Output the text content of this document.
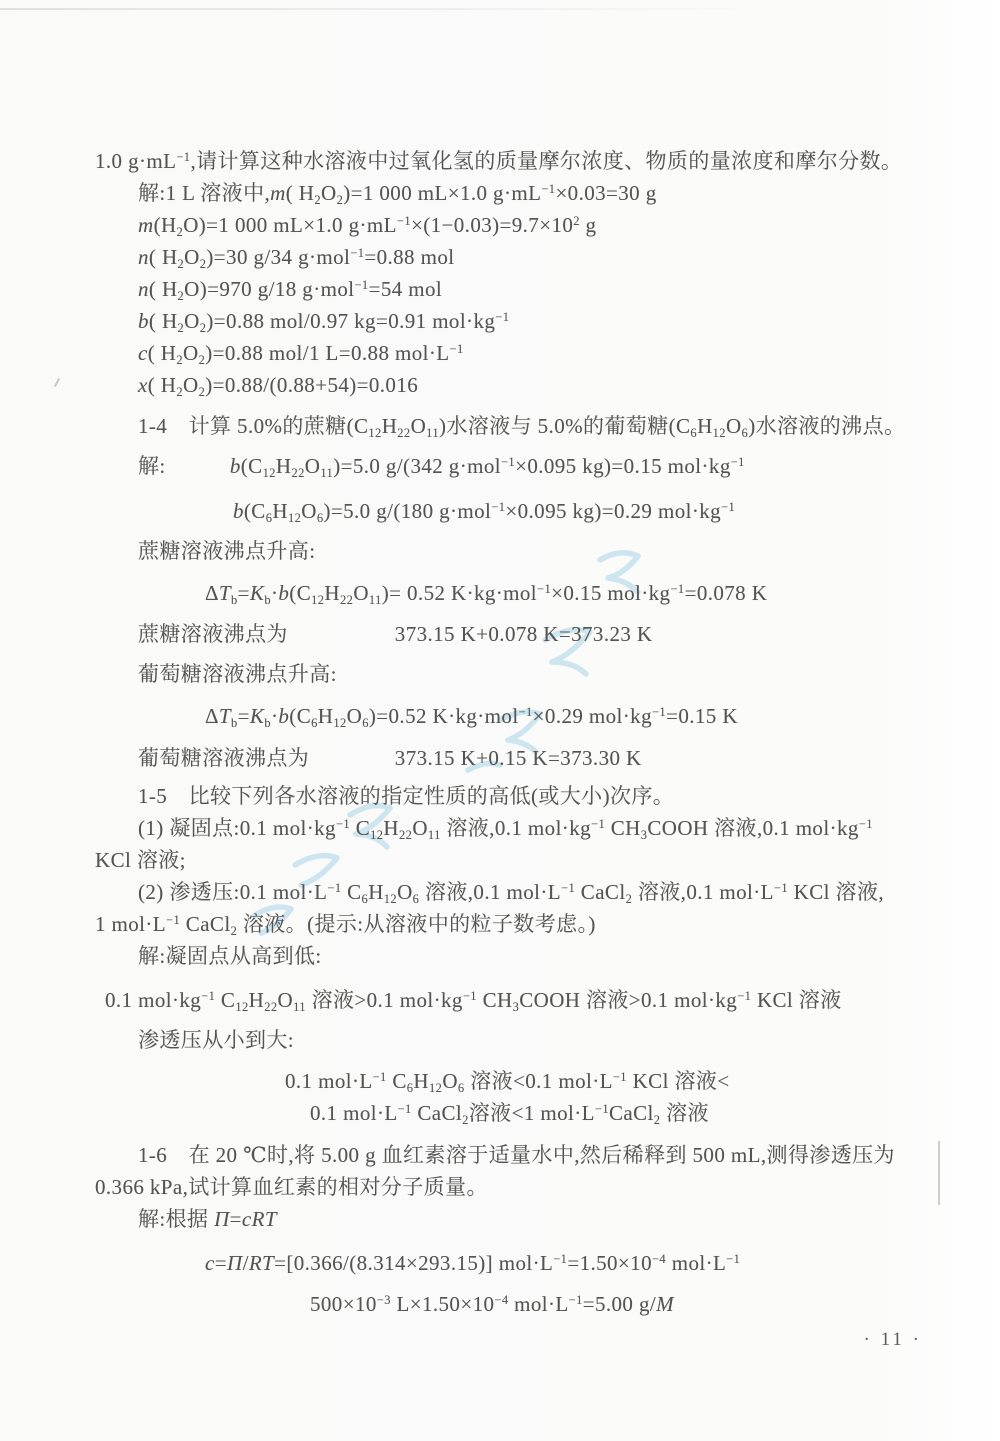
1.0 $g\cdot mL^{-1}$,请计算这种水溶液中过氧化氢的质量摩尔浓度、物质的量浓度和摩尔分数。

解:1 L 溶液中,m( $H_2O_2)=1$ 000 mL×1.0 $g\cdot mL^{-1}\times 0.03=30$ g

$m(H_2O)=1$ 000 mL×1.0 $g\cdot mL^{-1}\times(1-0.03)=9.7\times 10^2$ g

n( $H_2O_2)=30$ g/34 g·mol$^{-1}$=0.88 mol

n( $H_2O)=970$ g/18 g·mol$^{-1}$=54 mol

b( $H_2O_2)=0.88$ mol/0.97 kg=0.91 $mol\cdot kg^{-1}$

c( $H_2O_2)=0.88$ mol/1 L=0.88 $mol\cdot L^{-1}$

x( $H_2O_2)=0.88/(0.88+54)=0.016$

1-4　计算 5.0%的蔗糖$(C_{12}H_{22}O_{11})$水溶液与 5.0%的葡萄糖$(C_6H_{12}O_6)$水溶液的沸点。

解:　　　$b(C_{12}H_{22}O_{11})=5.0$ g/(342 g·mol$^{-1}$×0.095 kg)=0.15 $mol\cdot kg^{-1}$

$b(C_6H_{12}O_6)=5.0$ g/(180 g·mol$^{-1}$×0.095 kg)=0.29 $mol\cdot kg^{-1}$

蔗糖溶液沸点升高:

$\Delta T_b=K_b\cdot b(C_{12}H_{22}O_{11})= 0.52$ K·kg·mol$^{-1}$×0.15 $mol\cdot kg^{-1}=0.078$ K

蔗糖溶液沸点为　　　　　373.15 K+0.078 K=373.23 K

葡萄糖溶液沸点升高:

$\Delta T_b=K_b\cdot b(C_6H_{12}O_6)=0.52$ K·kg·mol$^{-1}$×0.29 $mol\cdot kg^{-1}=0.15$ K

葡萄糖溶液沸点为　　　　373.15 K+0.15 K=373.30 K

1-5　比较下列各水溶液的指定性质的高低(或大小)次序。

(1) 凝固点:0.1 $mol\cdot kg^{-1}$ $C_{12}H_{22}O_{11}$ 溶液,0.1 $mol\cdot kg^{-1}$ $CH_3COOH$ 溶液,0.1 $mol\cdot kg^{-1}$

KCl 溶液;

(2) 渗透压:0.1 $mol\cdot L^{-1}$ $C_6H_{12}O_6$ 溶液,0.1 $mol\cdot L^{-1}$ CaCl$_2$ 溶液,0.1 $mol\cdot L^{-1}$ KCl 溶液,

1 $mol\cdot L^{-1}$ CaCl$_2$ 溶液。(提示:从溶液中的粒子数考虑。)

解:凝固点从高到低:

0.1 $mol\cdot kg^{-1}$ $C_{12}H_{22}O_{11}$ 溶液>0.1 $mol\cdot kg^{-1}$ $CH_3COOH$ 溶液>0.1 $mol\cdot kg^{-1}$ KCl 溶液

渗透压从小到大:

0.1 $mol\cdot L^{-1}$ $C_6H_{12}O_6$ 溶液<0.1 $mol\cdot L^{-1}$ KCl 溶液<

0.1 $mol\cdot L^{-1}$ CaCl$_2$溶液<1 $mol\cdot L^{-1}CaCl_2$ 溶液

1-6　在 20 ℃时,将 5.00 g 血红素溶于适量水中,然后稀释到 500 mL,测得渗透压为

0.366 kPa,试计算血红素的相对分子质量。

解:根据 Π=cRT

c=Π/RT=[0.366/(8.314×293.15)] $mol\cdot L^{-1}=1.50\times 10^{-4}$ $mol\cdot L^{-1}$

$500\times 10^{-3}$ $L\times 1.50\times 10^{-4}$ $mol\cdot L^{-1}=5.00$ g/M

· 11 ·
